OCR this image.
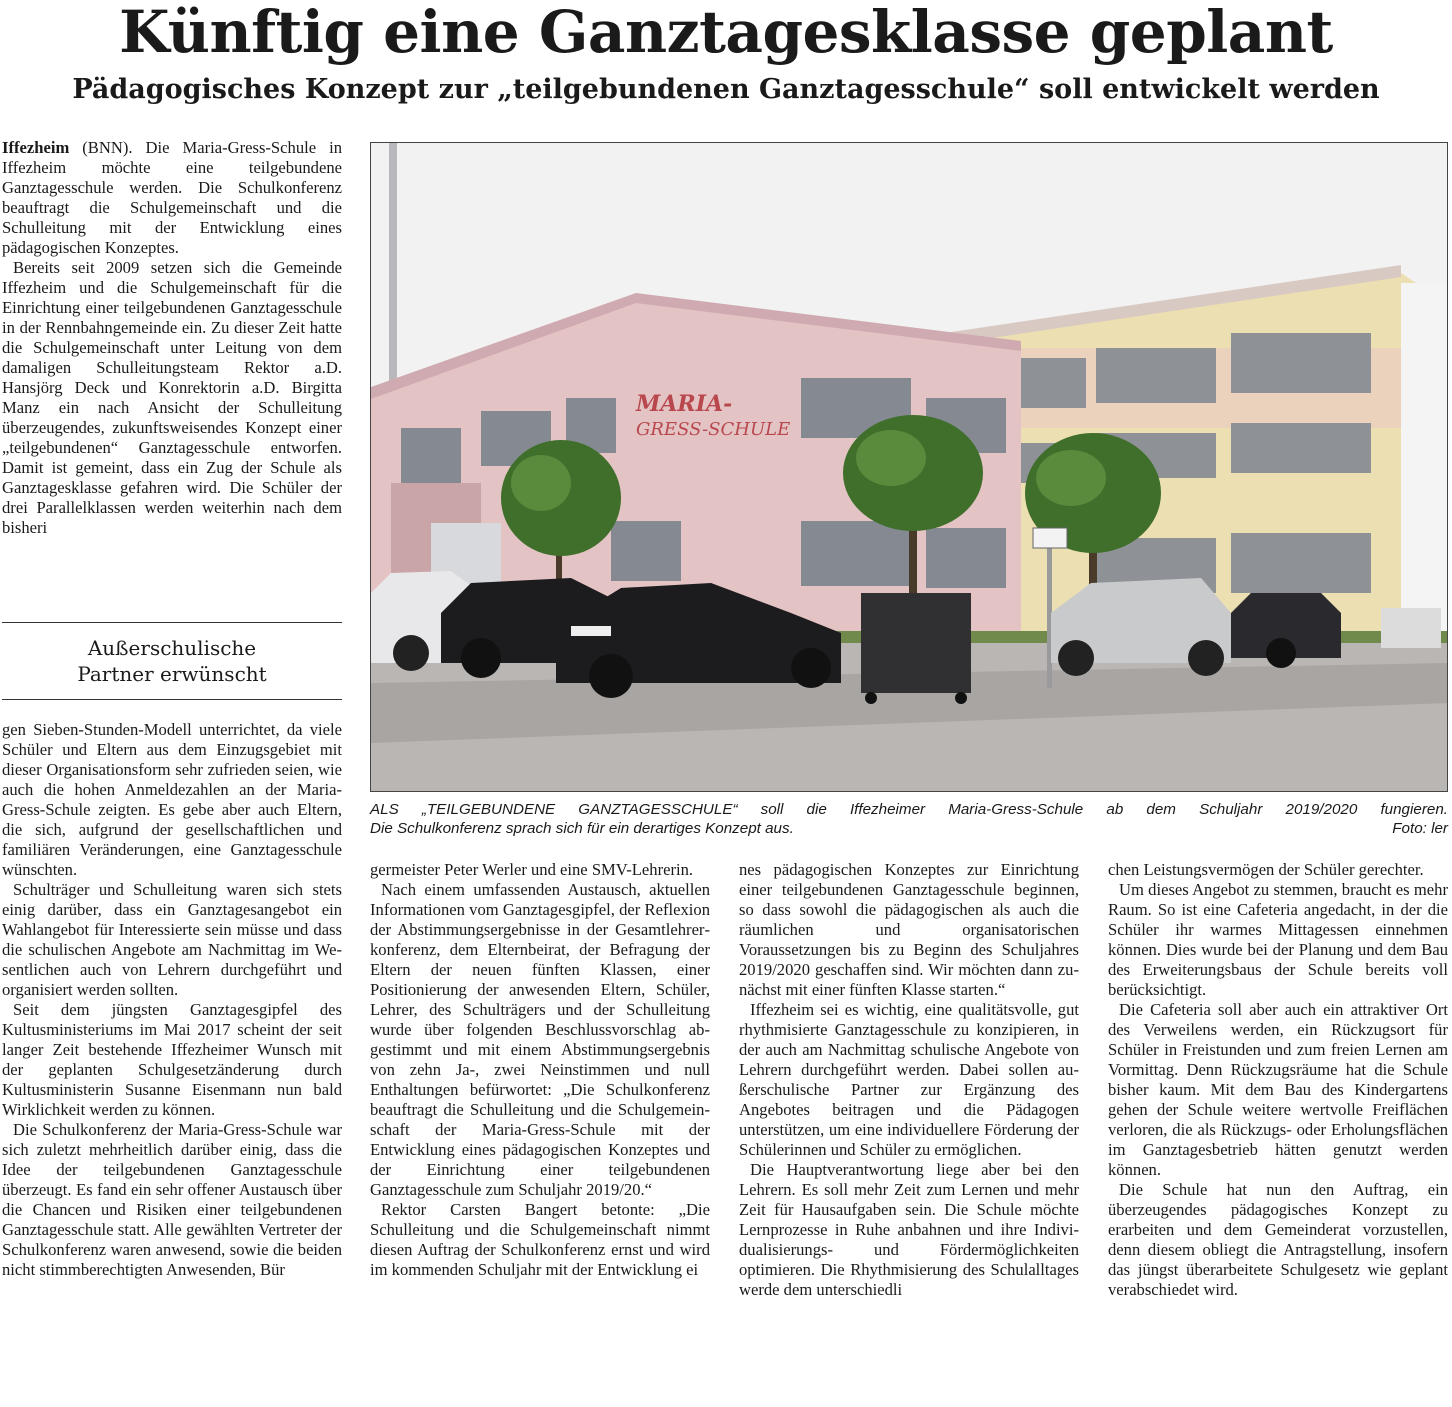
Künftig eine Ganztagesklasse geplant
Pädagogisches Konzept zur „teilgebundenen Ganztagesschule“ soll entwickelt werden

Iffezheim (BNN). Die Maria-Gress-Schule in Iffezheim möchte eine teilgebundene Ganztagesschule werden. Die Schulkonferenz beauftragt die Schulgemeinschaft und die Schulleitung mit der Entwicklung eines pädagogischen Konzeptes.

Bereits seit 2009 setzen sich die Gemeinde Iffezheim und die Schulgemeinschaft für die Einrichtung einer teilgebundenen Ganztagesschule in der Rennbahngemeinde ein. Zu dieser Zeit hatte die Schulgemeinschaft unter Leitung von dem damaligen Schulleitungsteam Rektor a.D. Hansjörg Deck und Konrektorin a.D. Birgitta Manz ein nach Ansicht der Schulleitung überzeugendes, zukunftsweisendes Konzept einer „teilgebundenen“ Ganztagesschule entworfen. Damit ist gemeint, dass ein Zug der Schule als Ganztagesklasse gefahren wird. Die Schüler der drei Parallelklassen werden weiterhin nach dem bisheri

Außerschulische
Partner erwünscht

gen Sieben-Stunden-Modell unterrichtet, da viele Schüler und Eltern aus dem Einzugsgebiet mit dieser Organisationsform sehr zufrieden seien, wie auch die hohen Anmeldezahlen an der Maria-Gress-Schule zeigten. Es gebe aber auch Eltern, die sich, aufgrund der gesellschaftlichen und familiären Veränderungen, eine Ganztagesschule wünschten.

Schulträger und Schulleitung waren sich stets einig darüber, dass ein Ganztagesangebot ein Wahlangebot für Interessierte sein müsse und dass die schulischen Angebote am Nachmittag im Wesentlichen auch von Lehrern durchgeführt und organisiert werden sollten.

Seit dem jüngsten Ganztagesgipfel des Kultusministeriums im Mai 2017 scheint der seit langer Zeit bestehende Iffezheimer Wunsch mit der geplanten Schulgesetzänderung durch Kultusministerin Susanne Eisenmann nun bald Wirklichkeit werden zu können.

Die Schulkonferenz der Maria-Gress-Schule war sich zuletzt mehrheitlich darüber einig, dass die Idee der teilgebundenen Ganztagesschule überzeugt. Es fand ein sehr offener Austausch über die Chancen und Risiken einer teilgebundenen Ganztagesschule statt. Alle gewählten Vertreter der Schulkonferenz waren anwesend, sowie die beiden nicht stimmberechtigten Anwesenden, Bür

MARIA-
GRESS-SCHULE
ALS „TEILGEBUNDENE GANZTAGESSCHULE“ soll die Iffezheimer Maria-Gress-Schule ab dem Schuljahr 2019/2020 fungieren.
Die Schulkonferenz sprach sich für ein derartiges Konzept aus.	Foto: ler

germeister Peter Werler und eine SMV-Lehrerin.

Nach einem umfassenden Austausch, aktuellen Informationen vom Ganztagesgipfel, der Reflexion der Abstimmungsergebnisse in der Gesamtlehrerkonferenz, dem Elternbeirat, der Befragung der Eltern der neuen fünften Klassen, einer Positionierung der anwesenden Eltern, Schüler, Lehrer, des Schulträgers und der Schulleitung wurde über folgenden Beschlussvorschlag abgestimmt und mit einem Abstimmungsergebnis von zehn Ja-, zwei Neinstimmen und null Enthaltungen befürwortet: „Die Schulkonferenz beauftragt die Schulleitung und die Schulgemeinschaft der Maria-Gress-Schule mit der Entwicklung eines pädagogischen Konzeptes und der Einrichtung einer teilgebundenen Ganztagesschule zum Schuljahr 2019/20.“

Rektor Carsten Bangert betonte: „Die Schulleitung und die Schulgemeinschaft nimmt diesen Auftrag der Schulkonferenz ernst und wird im kommenden Schuljahr mit der Entwicklung ei

nes pädagogischen Konzeptes zur Einrichtung einer teilgebundenen Ganztagesschule beginnen, so dass sowohl die pädagogischen als auch die räumlichen und organisatorischen Voraussetzungen bis zu Beginn des Schuljahres 2019/2020 geschaffen sind. Wir möchten dann zunächst mit einer fünften Klasse starten.“

Iffezheim sei es wichtig, eine qualitätsvolle, gut rhythmisierte Ganztagesschule zu konzipieren, in der auch am Nachmittag schulische Angebote von Lehrern durchgeführt werden. Dabei sollen außerschulische Partner zur Ergänzung des Angebotes beitragen und die Pädagogen unterstützen, um eine individuellere Förderung der Schülerinnen und Schüler zu ermöglichen.

Die Hauptverantwortung liege aber bei den Lehrern. Es soll mehr Zeit zum Lernen und mehr Zeit für Hausaufgaben sein. Die Schule möchte Lernprozesse in Ruhe anbahnen und ihre Individualisierungs- und Fördermöglichkeiten optimieren. Die Rhythmisierung des Schulalltages werde dem unterschiedli

chen Leistungsvermögen der Schüler gerechter.

Um dieses Angebot zu stemmen, braucht es mehr Raum. So ist eine Cafeteria angedacht, in der die Schüler ihr warmes Mittagessen einnehmen können. Dies wurde bei der Planung und dem Bau des Erweiterungsbaus der Schule bereits voll berücksichtigt.

Die Cafeteria soll aber auch ein attraktiver Ort des Verweilens werden, ein Rückzugsort für Schüler in Freistunden und zum freien Lernen am Vormittag. Denn Rückzugsräume hat die Schule bisher kaum. Mit dem Bau des Kindergartens gehen der Schule weitere wertvolle Freiflächen verloren, die als Rückzugs- oder Erholungsflächen im Ganztagesbetrieb hätten genutzt werden können.

Die Schule hat nun den Auftrag, ein überzeugendes pädagogisches Konzept zu erarbeiten und dem Gemeinderat vorzustellen, denn diesem obliegt die Antragstellung, insofern das jüngst überarbeitete Schulgesetz wie geplant verabschiedet wird.
